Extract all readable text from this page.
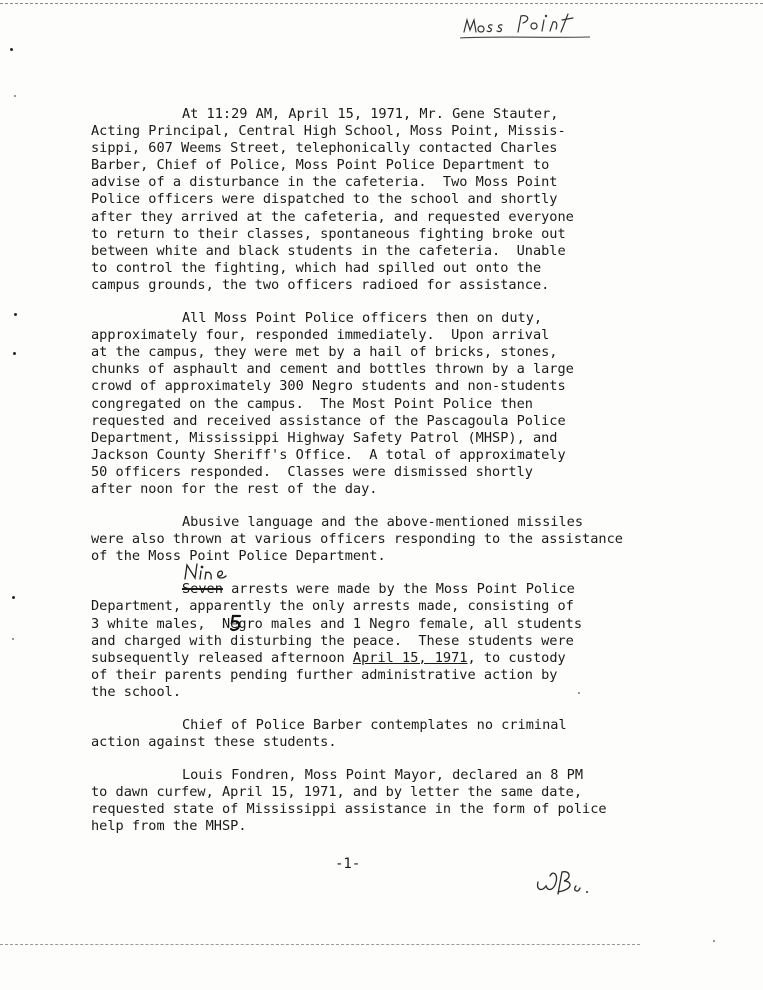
At 11:29 AM, April 15, 1971, Mr. Gene Stauter,
Acting Principal, Central High School, Moss Point, Missis-
sippi, 607 Weems Street, telephonically contacted Charles
Barber, Chief of Police, Moss Point Police Department to
advise of a disturbance in the cafeteria.  Two Moss Point
Police officers were dispatched to the school and shortly
after they arrived at the cafeteria, and requested everyone
to return to their classes, spontaneous fighting broke out
between white and black students in the cafeteria.  Unable
to control the fighting, which had spilled out onto the
campus grounds, the two officers radioed for assistance.
All Moss Point Police officers then on duty,
approximately four, responded immediately.  Upon arrival
at the campus, they were met by a hail of bricks, stones,
chunks of asphault and cement and bottles thrown by a large
crowd of approximately 300 Negro students and non-students
congregated on the campus.  The Most Point Police then
requested and received assistance of the Pascagoula Police
Department, Mississippi Highway Safety Patrol (MHSP), and
Jackson County Sheriff's Office.  A total of approximately
50 officers responded.  Classes were dismissed shortly
after noon for the rest of the day.
Abusive language and the above-mentioned missiles
were also thrown at various officers responding to the assistance
of the Moss Point Police Department.
Seven arrests were made by the Moss Point Police
Department, apparently the only arrests made, consisting of
3 white males,  Negro males and 1 Negro female, all students
and charged with disturbing the peace.  These students were
subsequently released afternoon April 15, 1971, to custody
of their parents pending further administrative action by
the school.
Chief of Police Barber contemplates no criminal
action against these students.
Louis Fondren, Moss Point Mayor, declared an 8 PM
to dawn curfew, April 15, 1971, and by letter the same date,
requested state of Mississippi assistance in the form of police
help from the MHSP.
-1-
